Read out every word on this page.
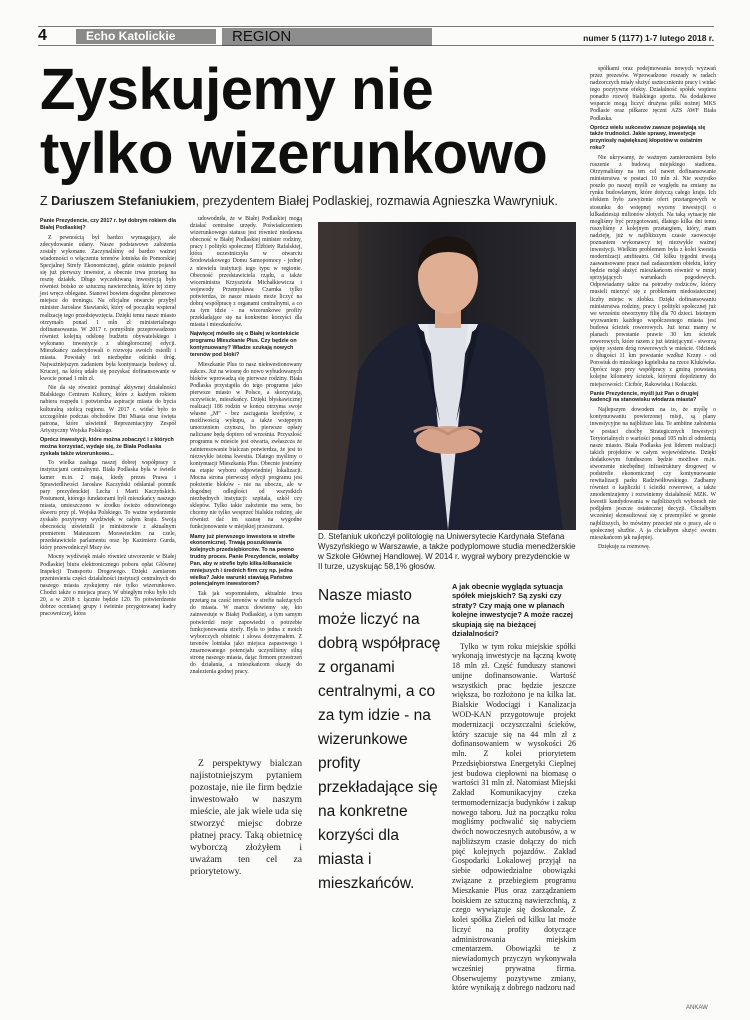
4	Echo Katolickie	REGION	numer 5 (1177) 1-7 lutego 2018 r.
Zyskujemy nie
tylko wizerunkowo
Z Dariuszem Stefaniukiem, prezydentem Białej Podlaskiej, rozmawia Agnieszka Wawryniuk.

Panie Prezydencie, czy 2017 r. był dobrym rokiem dla Białej Podlaskiej?

Z pewnością był bardzo wymagający, ale zdecydowanie udany. Nasze podstawowe założenia zostały wykonane. Zaczynaliśmy od bardzo ważnej wiadomości o włączeniu terenów lotniska do Pomorskiej Specjalnej Strefy Ekonomicznej, gdzie ostatnio pojawił się już pierwszy inwestor, a obecnie trwa przetarg na resztę działek. Długo wyczekiwaną inwestycją było również boisko ze sztuczną nawierzchnią, które tej zimy jest wręcz oblegane. Stanowi bowiem dogodne plenerowe miejsce do treningu. Na oficjalne otwarcie przybył minister Jarosław Stawiarski, który od początku wspierał realizację tego przedsięwzięcia. Dzięki temu nasze miasto otrzymało ponad 1 mln zł ministerialnego dofinansowania. W 2017 r. pomyślnie przeprowadzono również kolejną odsłonę budżetu obywatelskiego i wykonano inwestycje z ubiegłorocznej edycji. Mieszkańcy zadecydowali o rozwoju swoich osiedli i miasta. Powstały też niezbędne odcinki dróg. Najważniejszym zadaniem była kontynuacja budowy ul. Kruczej, na którą udało się pozyskać dofinansowanie w kwocie ponad 1 mln zł.

Nie da się również pominąć aktywnej działalności Bialskiego Centrum Kultury, które z każdym rokiem nabiera rozpędu i potwierdza aspiracje miasta do bycia kulturalną stolicą regionu. W 2017 r. widać było to szczególnie podczas obchodów Dni Miasta oraz święta patrona, które uświetnił Reprezentacyjny Zespół Artystyczny Wojska Polskiego.

Oprócz inwestycji, które można zobaczyć i z których można korzystać, wydaje się, że Biała Podlaska zyskała także wizerunkowo...

To wielka zasługa naszej dobrej współpracy z instytucjami centralnymi. Biała Podlaska była w świetle kamer m.in. 2 maja, kiedy prezes Prawa i Sprawiedliwości Jarosław Kaczyński odsłaniał pomnik pary prezydenckiej Lecha i Marii Kaczyńskich. Postument, którego fundatorami byli mieszkańcy naszego miasta, umieszczono w środku świeżo odnowionego skweru przy pl. Wojska Polskiego. To ważne wydarzenie zyskało pozytywny wydźwięk w całym kraju. Swoją obecnością uświetnili je ministrowie z aktualnym premierem Mateuszem Morawieckim na czele, przedstawiciele parlamentu oraz bp Kazimierz Gurda, który przewodniczył Mszy św.

Mocny wydźwięk miało również utworzenie w Białej Podlaskiej biura elektronicznego poboru opłat Głównej Inspekcji Transportu Drogowego. Dzięki zamiarom przeniesienia części działalności instytucji centralnych do naszego miasta zyskujemy nie tylko wizerunkowo. Chodzi także o miejsca pracy. W ubiegłym roku było ich 20, a w 2018 r. łącznie będzie 120. To potwierdzenie dobrze ocenianej grupy i świetnie przygotowanej kadry pracowniczej, która

udowodniła, że w Białej Podlaskiej mogą działać centralne urzędy. Poświadczeniem wizerunkowego statusu jest również niedawna obecność w Białej Podlaskiej minister rodziny, pracy i polityki społecznej Elżbiety Rafalskiej, która uczestniczyła w otwarciu Środowiskowego Domu Samopomocy - jednej z niewielu instytucji tego typu w regionie. Obecność przedstawiciela rządu, a także wiceministra Krzysztofa Michałkiewicza i wojewody Przemysława Czarnka tylko potwierdza, że nasze miasto może liczyć na dobrą współpracę z organami centralnymi, a co za tym idzie - na wizerunkowe profity przekładające się na konkretne korzyści dla miasta i mieszkańców.

Najwięcej mówiło się o Białej w kontekście programu Mieszkanie Plus. Czy będzie on kontynuowany? Władze szukają nowych terenów pod bloki?

Mieszkanie Plus to nasz niekwestionowany sukces. Już na wiosnę do nowo wybudowanych bloków wprowadzą się pierwsze rodziny. Biała Podlaska przystąpiła do tego programu jako pierwsze miasto w Polsce, a skorzystają, oczywiście, mieszkańcy. Dzięki błyskawicznej realizacji 186 rodzin w końcu otrzyma swoje własne „M” - bez zaciągania kredytów, z możliwością wykupu, a także wstępnym umorzeniem czynszu, bo pierwsze opłaty naliczane będą dopiero od września. Przyszłość programu w mieście jest otwarta, zwłaszcza że zainteresowanie bialczan potwierdza, że jest to niezwykle istotna kwestia. Dlatego myślimy o kontynuacji Mieszkania Plus. Obecnie jesteśmy na etapie wyboru odpowiedniej lokalizacji. Mocna strona pierwszej edycji programu jest położenie bloków - nie na uboczu, ale w dogodnej odległości od wszystkich niezbędnych instytucji: szpitala, szkół czy sklepów. Tylko takie założenie ma sens, bo chcemy nie tylko wesprzeć bialskie rodziny, ale również dać im szansę na wygodne funkcjonowanie w miejskiej przestrzeni.

Mamy już pierwszego inwestora w strefie ekonomicznej. Trwają poszukiwania kolejnych przedsiębiorców. To na pewno trudny proces. Panie Prezydencie, wolałby Pan, aby w strefie było kilka-kilkanaście mniejszych i średnich firm czy np. jedna wielka? Jakie warunki stawiają Państwo potencjalnym inwestorom?

Tak jak wspomniałem, aktualnie trwa przetarg na cześć terenów w strefie należących do miasta. W marcu dowiemy się, kto zainwestuje w Białej Podlaskiej, a tym samym potwierdzi moje zapowiedzi o potrzebie funkcjonowania strefy. Była to jedna z moich wyborczych obietnic i słowa dotrzymałem. Z terenów lotniska jako miejsca zapasowego i zmarnowanego potencjału uczyniliśmy silną stronę naszego miasta, dając firmom przestrzeń do działania, a mieszkańcom okazję do znalezienia godnej pracy.

D. Stefaniuk ukończył politologię na Uniwersytecie Kardynała Stefana Wyszyńskiego w Warszawie, a także podyplomowe studia menedżerskie w Szkole Głównej Handlowej. W 2014 r. wygrał wybory prezydenckie w II turze, uzyskując 58,1% głosów.
Nasze miasto może liczyć na dobrą współpracę z organami centralnymi, a co za tym idzie - na wizerunkowe profity przekładające się na konkretne korzyści dla miasta i mieszkańców.

A jak obecnie wygląda sytuacja spółek miejskich? Są zyski czy straty? Czy mają one w planach kolejne inwestycje? A może raczej skupiają się na bieżącej działalności?

Tylko w tym roku miejskie spółki wykonają inwestycje na łączną kwotę 18 mln zł. Część funduszy stanowi unijne dofinansowanie. Wartość wszystkich prac będzie jeszcze większa, bo rozłożono je na kilka lat. Bialskie Wodociągi i Kanalizacja WOD-KAN przygotowuje projekt modernizacji oczyszczalni ścieków, który szacuje się na 44 mln zł z dofinansowaniem w wysokości 26 mln. Z kolei priorytetem Przedsiębiorstwa Energetyki Cieplnej jest budowa ciepłowni na biomasę o wartości 31 mln zł. Natomiast Miejski Zakład Komunikacyjny czeka termomodernizacja budynków i zakup nowego taboru. Już na początku roku mogliśmy pochwalić się nabyciem dwóch nowoczesnych autobusów, a w najbliższym czasie dołączy do nich pięć kolejnych pojazdów. Zakład Gospodarki Lokalowej przyjął na siebie odpowiedzialne obowiązki związane z przebiegiem programu Mieszkanie Plus oraz zarządzaniem boiskiem ze sztuczną nawierzchnią, z czego wywiązuje się doskonale. Z kolei spółka Zieleń od kilku lat może liczyć na profity dotyczące administrowania miejskim cmentarzem. Obowiązki te z niewiadomych przyczyn wykonywała wcześniej prywatna firma. Obserwujemy pozytywne zmiany, które wynikają z dobrego nadzoru nad

Z perspektywy bialczan najistotniejszym pytaniem pozostaje, nie ile firm będzie inwestowało w naszym mieście, ale jak wiele uda się stworzyć miejsc dobrze płatnej pracy. Taką obietnicę wyborczą złożyłem i uważam ten cel za priorytetowy.

spółkami oraz podejmowania nowych wyzwań przez prezesów. Wprowadzone roszady w radach nadzorczych miały służyć usztecznieniu pracy i widać tego pozytywne efekty. Działalność spółek wspiera ponadto rozwój bialskiego sportu. Na dodatkowe wsparcie mogą liczyć drużyna piłki nożnej MKS Podlasie oraz piłkarze ręczni AZS AWF Biała Podlaska.

Oprócz wielu sukcesów zawsze pojawiają się także trudności. Jakie sprawy, inwestycje przyniosły największej kłopotów w ostatnim roku?

Nie ukrywamy, że ważnym zamierzeniem było ruszenie z budową miejskiego stadionu. Otrzymaliśmy na ten cel nawet dofinansowanie ministerstwa w postaci 10 mln zł. Nie wszystko poszło po naszej myśli ze względu na zmiany na rynku budowlanym, które dotyczą całego kraju. Ich efektem było zawyżenie ofert przetargowych w stosunku do wstępnej wyceny inwestycji o kilkadziesiąt milionów złotych. Na taką sytuację nie mogliśmy być przygotowani, dlatego kilka dni temu ruszyliśmy z kolejnym przetargiem, który, mam nadzieję, już w najbliższym czasie zaowocuje poznaniem wykonawcy tej niezwykle ważnej inwestycji. Wielkim problemem była z kolei kwestia modernizacji amfiteatru. Od kilku tygodni trwają zaawansowane prace nad zadaszeniem obiektu, który będzie mógł służyć mieszkańcom również w mniej sprzyjających warunkach pogodowych. Odpowiadamy także na potrzeby rodziców, którzy musieli mierzyć się z problemem niedostatecznej liczby miejsc w żłobku. Dzięki dofinansowaniu ministerstwa rodziny, pracy i polityki społecznej już we wrześniu otworzymy filię dla 70 dzieci. Istotnym wyzwaniem każdego współczesnego miasta jest budowa ścieżek rowerowych. Już teraz mamy w planach powstanie prawie 30 km ścieżek rowerowych, które razem z już istniejącymi - stworzą spójny system dróg rowerowych w mieście. Odcinek o długości 11 km powstanie wzdłuż Krzny - od Porosiuk do mieskiego kąpieliska na rzece Klukówka. Oprócz tego przy współpracy z gminą powstaną kolejne kilometry ścieżek, którymi dojedziemy do miejscowości: Cicibór, Rakowiska i Kołaczki.

Panie Prezydencie, myśli już Pan o drugiej kadencji na stanowisku włodarza miasta?

Najlepszym dowodem na to, że myślę o kontynuowaniu powierzonej misji, są plany inwestycyjne na najbliższe lata. Te ambitne założenia w postaci choćby Strategicznych Inwestycji Terytorialnych o wartości ponad 105 mln zł odmienią nasze miasto. Biała Podlaska jest liderem realizacji takich projektów w całym województwie. Dzięki dodatkowym funduszom będzie możliwe m.in. stworzenie niezbędnej infrastruktury drogowej w podstrefie ekonomicznej czy kontynuowanie rewitalizacji parku Radziwiłłowskiego. Zadbamy również o kapliczki i ścieżki rowerowe, a także zmodernizujemy i rozwiniemy działalność MZK. W kwestii kandydowania w najbliższych wyborach nie podjąłem jeszcze ostatecznej decyzji. Chciałbym wcześniej skonsultować się z przemyśleć w gronie najbliższych, bo mówimy przecież nie o pracy, ale o społecznej służbie. A ja chciałbym służyć swoim mieszkańcom jak najlepiej.

Dziękuję za rozmowę.

ANKAW
